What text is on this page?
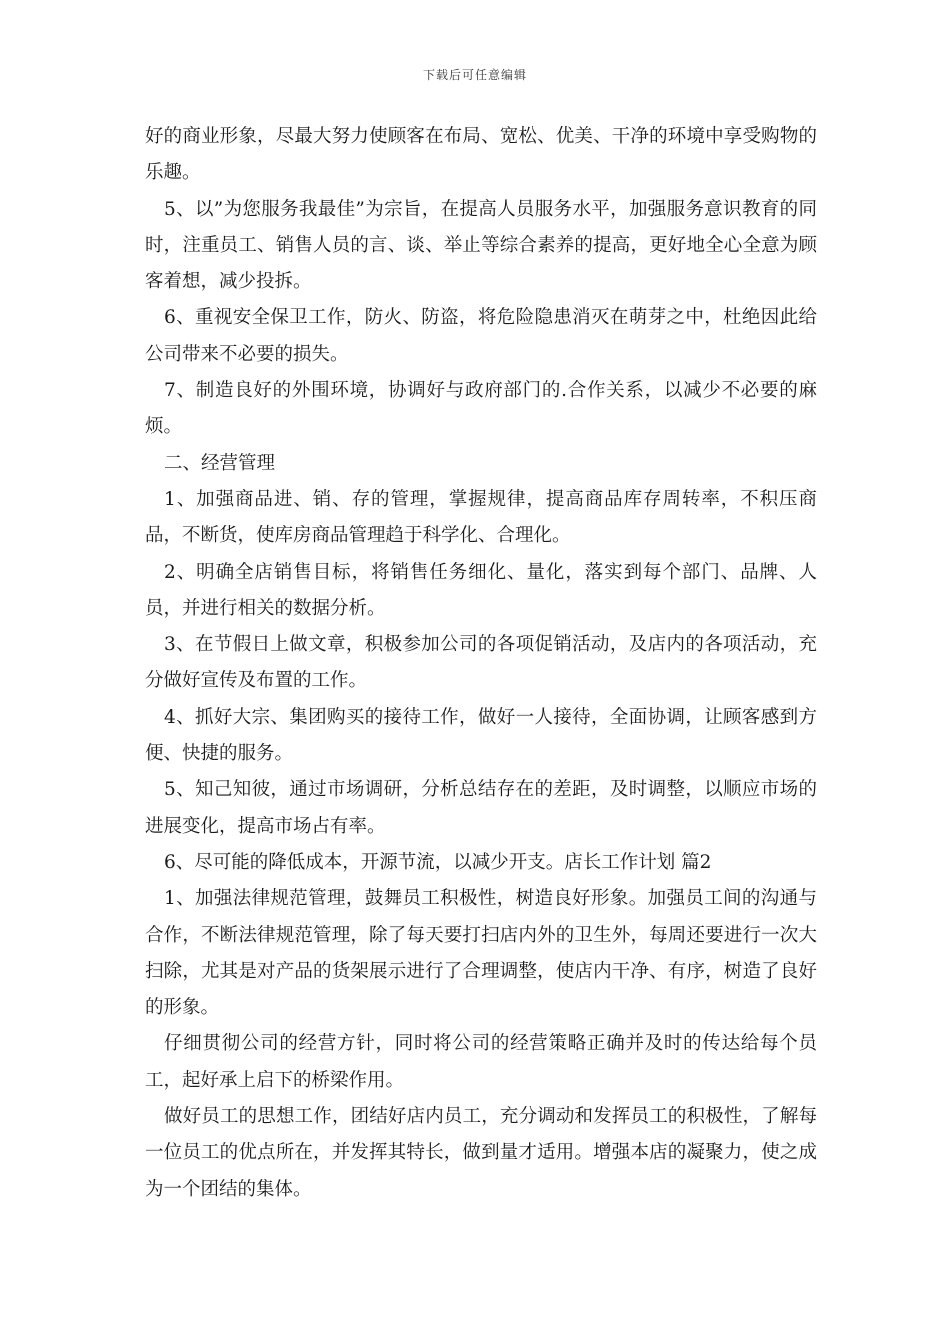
下载后可任意编辑

好的商业形象，尽最大努力使顾客在布局、宽松、优美、干净的环境中享受购物的乐趣。

5、以”为您服务我最佳”为宗旨，在提高人员服务水平，加强服务意识教育的同时，注重员工、销售人员的言、谈、举止等综合素养的提高，更好地全心全意为顾客着想，减少投拆。

6、重视安全保卫工作，防火、防盗，将危险隐患消灭在萌芽之中，杜绝因此给公司带来不必要的损失。

7、制造良好的外围环境，协调好与政府部门的.合作关系，以减少不必要的麻烦。

二、经营管理

1、加强商品进、销、存的管理，掌握规律，提高商品库存周转率，不积压商品，不断货，使库房商品管理趋于科学化、合理化。

2、明确全店销售目标，将销售任务细化、量化，落实到每个部门、品牌、人员，并进行相关的数据分析。

3、在节假日上做文章，积极参加公司的各项促销活动，及店内的各项活动，充分做好宣传及布置的工作。

4、抓好大宗、集团购买的接待工作，做好一人接待，全面协调，让顾客感到方便、快捷的服务。

5、知己知彼，通过市场调研，分析总结存在的差距，及时调整，以顺应市场的进展变化，提高市场占有率。

6、尽可能的降低成本，开源节流，以减少开支。店长工作计划 篇2

1、加强法律规范管理，鼓舞员工积极性，树造良好形象。加强员工间的沟通与合作，不断法律规范管理，除了每天要打扫店内外的卫生外，每周还要进行一次大扫除，尤其是对产品的货架展示进行了合理调整，使店内干净、有序，树造了良好的形象。

仔细贯彻公司的经营方针，同时将公司的经营策略正确并及时的传达给每个员工，起好承上启下的桥梁作用。

做好员工的思想工作，团结好店内员工，充分调动和发挥员工的积极性，了解每一位员工的优点所在，并发挥其特长，做到量才适用。增强本店的凝聚力，使之成为一个团结的集体。
